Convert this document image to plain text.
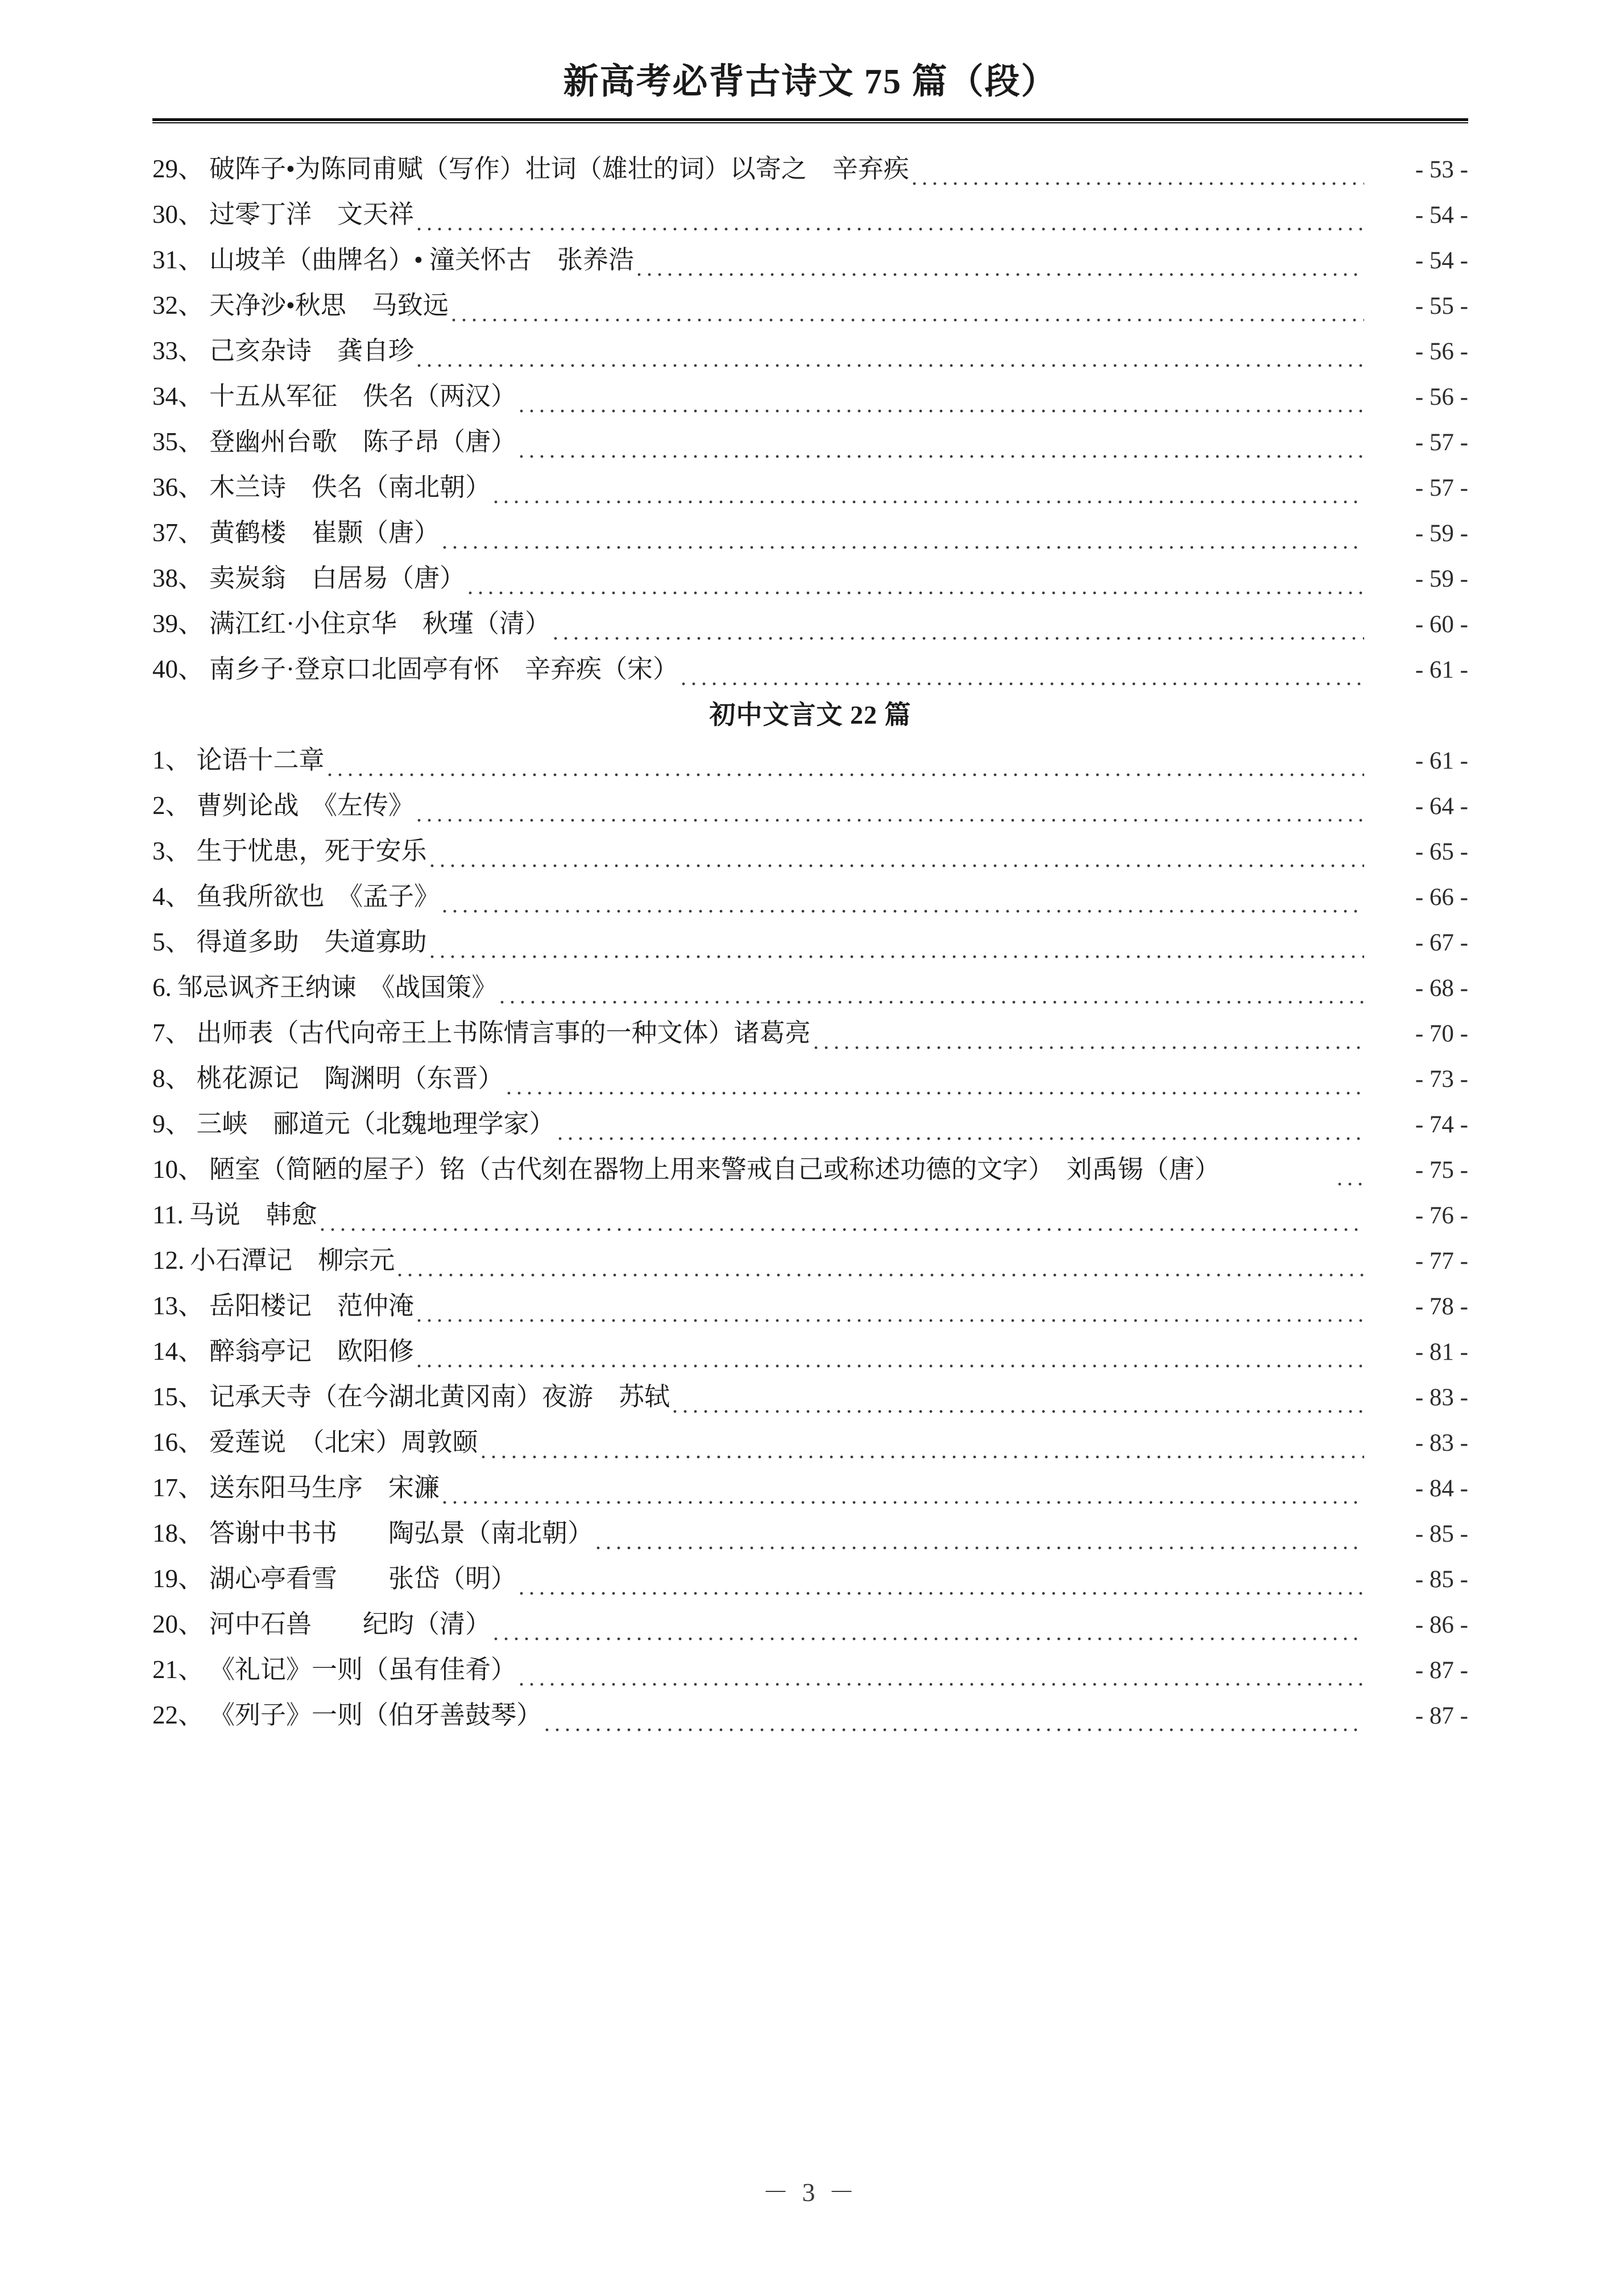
新高考必背古诗文 75 篇（段）
29、 破阵子•为陈同甫赋（写作）壮词（雄壮的词）以寄之　辛弃疾	- 53 -
30、 过零丁洋　文天祥	- 54 -
31、 山坡羊（曲牌名）• 潼关怀古　张养浩	- 54 -
32、 天净沙•秋思　马致远	- 55 -
33、 己亥杂诗　龚自珍	- 56 -
34、 十五从军征　佚名（两汉）	- 56 -
35、 登幽州台歌　陈子昂（唐）	- 57 -
36、 木兰诗　佚名（南北朝）	- 57 -
37、 黄鹤楼　崔颢（唐）	- 59 -
38、 卖炭翁　白居易（唐）	- 59 -
39、 满江红·小住京华　秋瑾（清）	- 60 -
40、 南乡子·登京口北固亭有怀　辛弃疾（宋）	- 61 -
初中文言文 22 篇
1、 论语十二章	- 61 -
2、 曹刿论战　《左传》	- 64 -
3、 生于忧患，死于安乐	- 65 -
4、 鱼我所欲也　《孟子》	- 66 -
5、 得道多助　失道寡助	- 67 -
6. 邹忌讽齐王纳谏　《战国策》	- 68 -
7、 出师表（古代向帝王上书陈情言事的一种文体）诸葛亮	- 70 -
8、 桃花源记　陶渊明（东晋）	- 73 -
9、 三峡　郦道元（北魏地理学家）	- 74 -
10、 陋室（简陋的屋子）铭（古代刻在器物上用来警戒自己或称述功德的文字）　刘禹锡（唐）	- 75 -
11. 马说　韩愈	- 76 -
12. 小石潭记　柳宗元	- 77 -
13、 岳阳楼记　范仲淹	- 78 -
14、 醉翁亭记　欧阳修	- 81 -
15、 记承天寺（在今湖北黄冈南）夜游　苏轼	- 83 -
16、 爱莲说　（北宋）周敦颐	- 83 -
17、 送东阳马生序　宋濂	- 84 -
18、 答谢中书书　　陶弘景（南北朝）	- 85 -
19、 湖心亭看雪　　张岱（明）	- 85 -
20、 河中石兽　　纪昀（清）	- 86 -
21、 《礼记》一则（虽有佳肴）	- 87 -
22、 《列子》一则（伯牙善鼓琴）	- 87 -
－ 3 －
